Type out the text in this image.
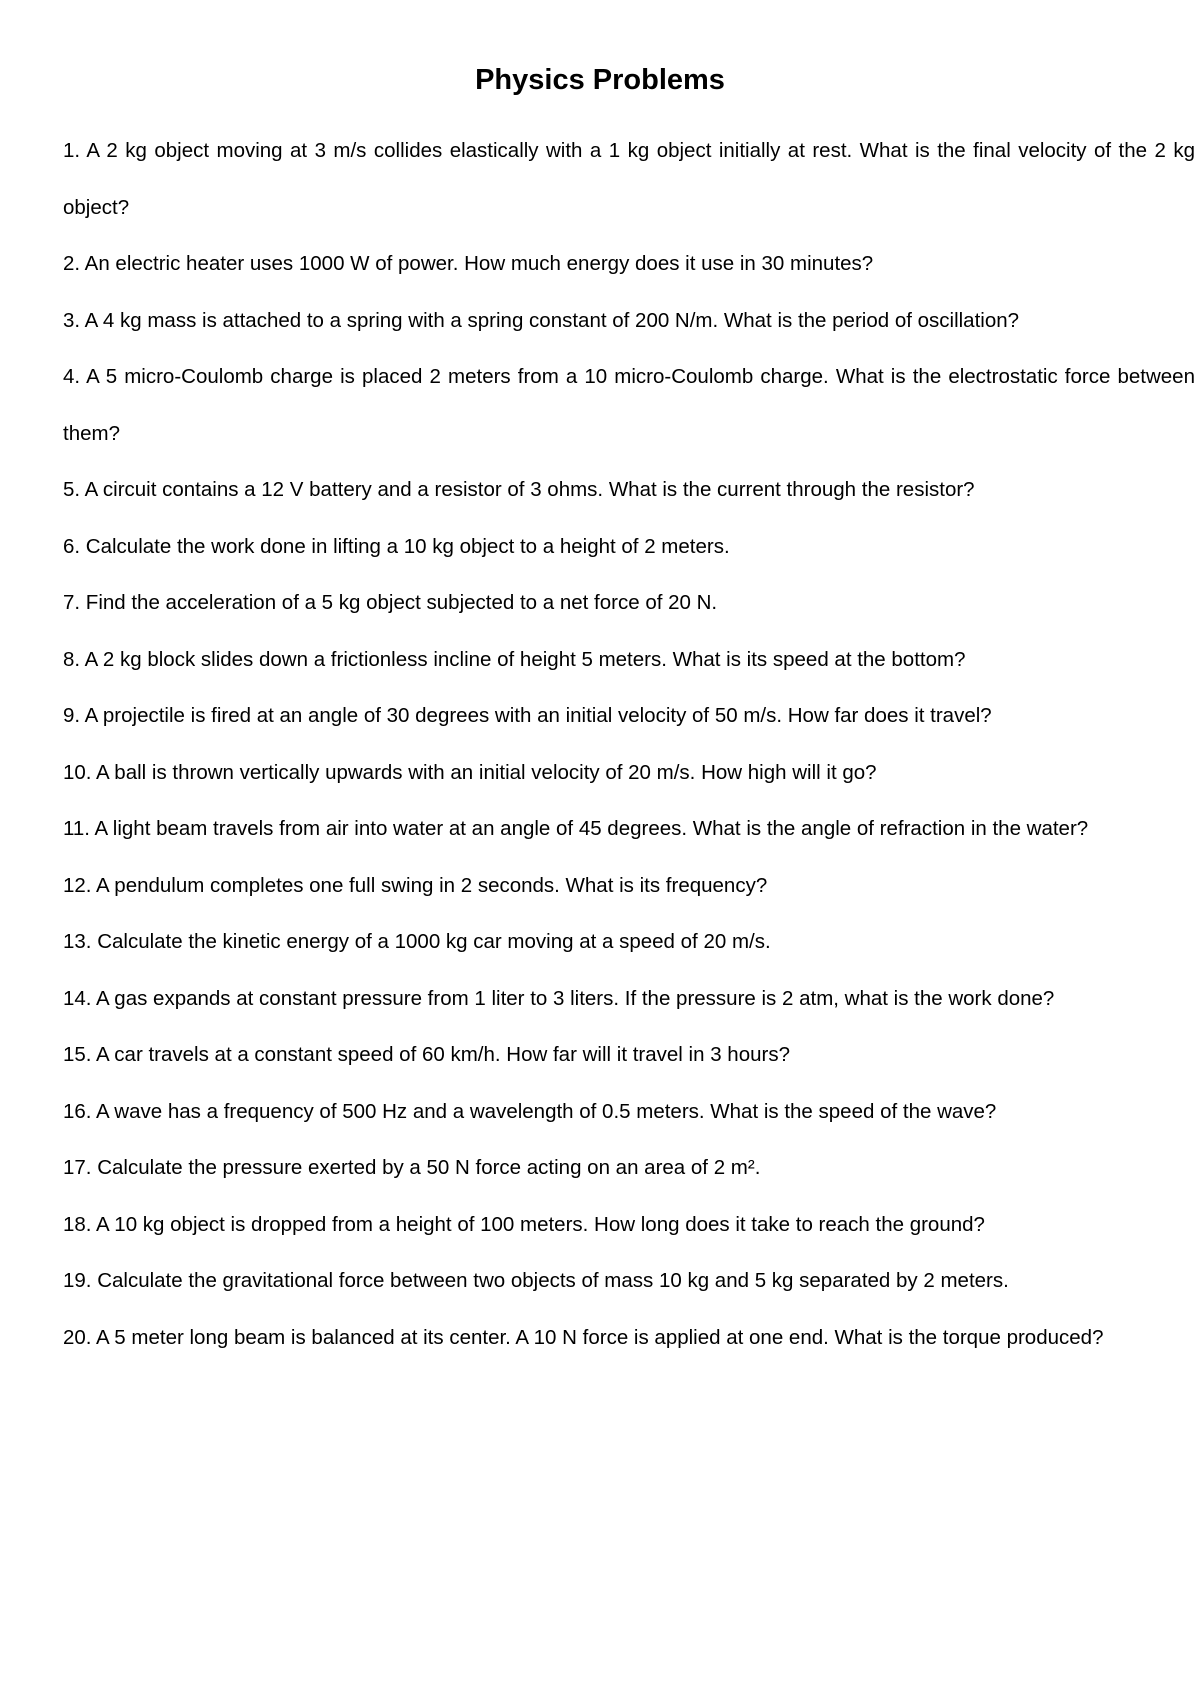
Physics Problems
1. A 2 kg object moving at 3 m/s collides elastically with a 1 kg object initially at rest. What is the final velocity of the 2 kg object?
2. An electric heater uses 1000 W of power. How much energy does it use in 30 minutes?
3. A 4 kg mass is attached to a spring with a spring constant of 200 N/m. What is the period of oscillation?
4. A 5 micro-Coulomb charge is placed 2 meters from a 10 micro-Coulomb charge. What is the electrostatic force between them?
5. A circuit contains a 12 V battery and a resistor of 3 ohms. What is the current through the resistor?
6. Calculate the work done in lifting a 10 kg object to a height of 2 meters.
7. Find the acceleration of a 5 kg object subjected to a net force of 20 N.
8. A 2 kg block slides down a frictionless incline of height 5 meters. What is its speed at the bottom?
9. A projectile is fired at an angle of 30 degrees with an initial velocity of 50 m/s. How far does it travel?
10. A ball is thrown vertically upwards with an initial velocity of 20 m/s. How high will it go?
11. A light beam travels from air into water at an angle of 45 degrees. What is the angle of refraction in the water?
12. A pendulum completes one full swing in 2 seconds. What is its frequency?
13. Calculate the kinetic energy of a 1000 kg car moving at a speed of 20 m/s.
14. A gas expands at constant pressure from 1 liter to 3 liters. If the pressure is 2 atm, what is the work done?
15. A car travels at a constant speed of 60 km/h. How far will it travel in 3 hours?
16. A wave has a frequency of 500 Hz and a wavelength of 0.5 meters. What is the speed of the wave?
17. Calculate the pressure exerted by a 50 N force acting on an area of 2 m².
18. A 10 kg object is dropped from a height of 100 meters. How long does it take to reach the ground?
19. Calculate the gravitational force between two objects of mass 10 kg and 5 kg separated by 2 meters.
20. A 5 meter long beam is balanced at its center. A 10 N force is applied at one end. What is the torque produced?
